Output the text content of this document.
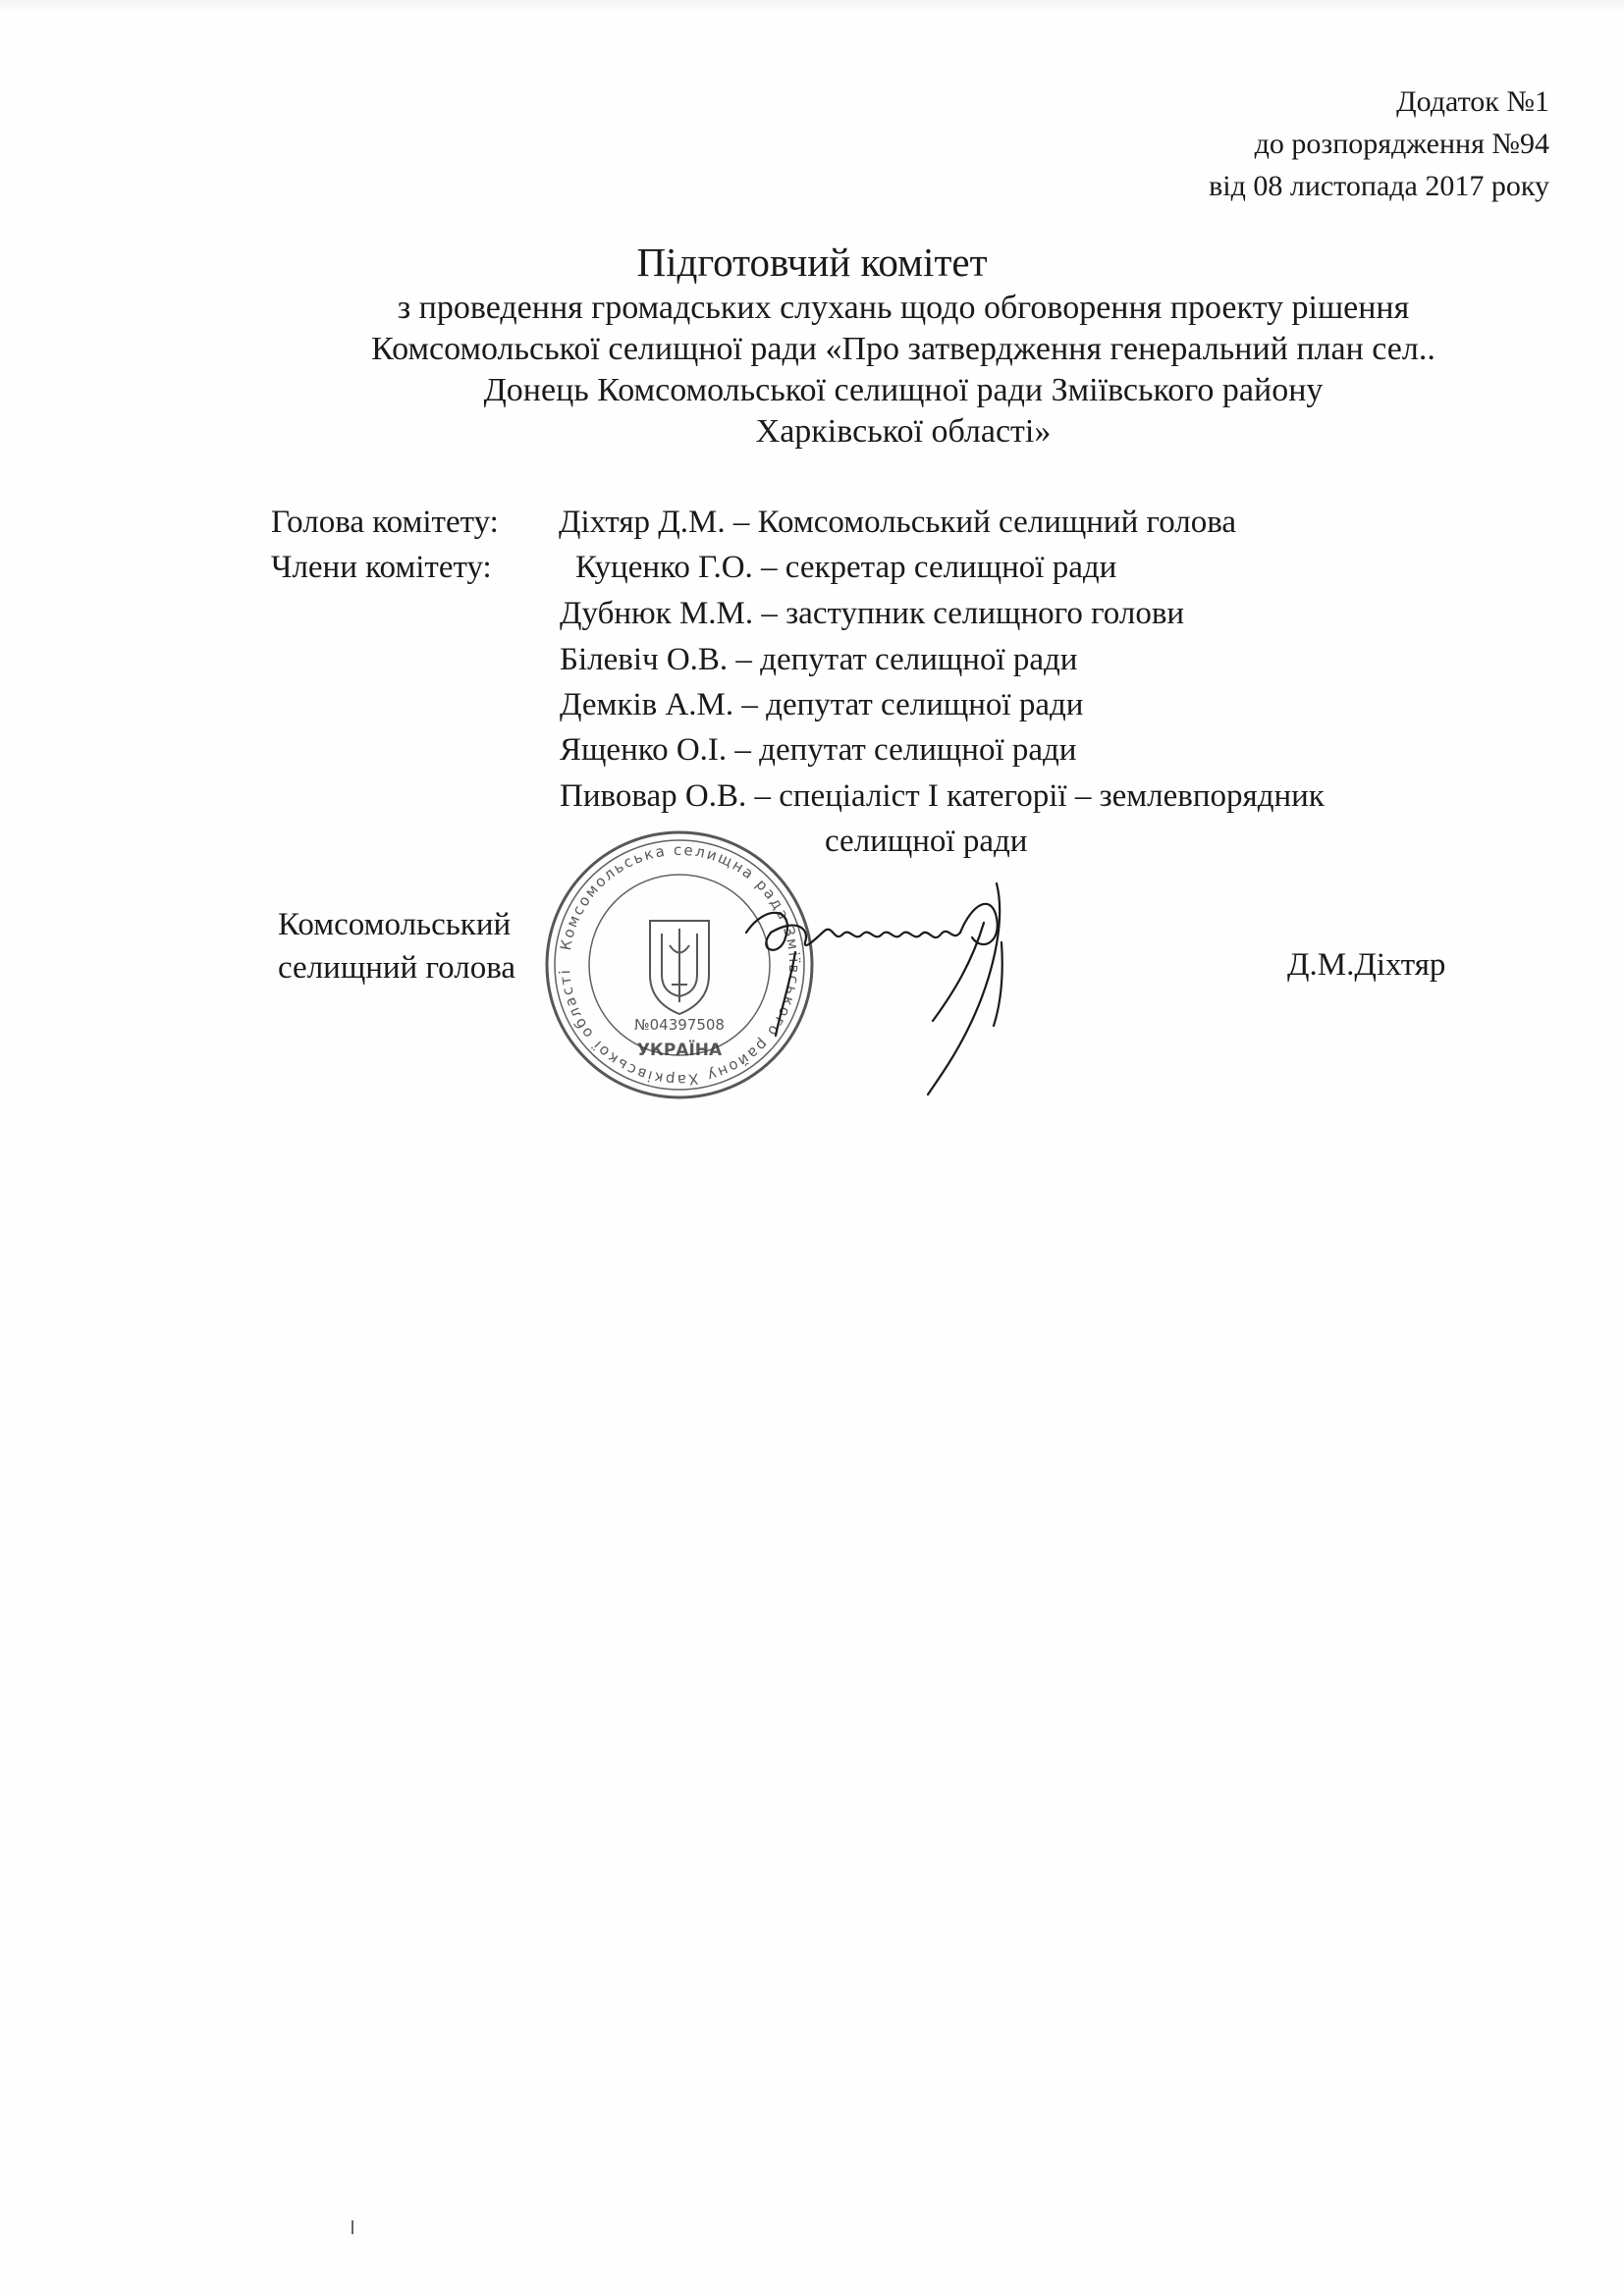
Додаток №1
до розпорядження №94
від 08 листопада 2017 року
Підготовчий комітет
з проведення громадських слухань щодо обговорення проекту рішення
Комсомольської селищної ради «Про затвердження генеральний план сел..
Донець Комсомольської селищної ради Зміївського району
Харківської області»
Голова комітету: Діхтяр Д.М. – Комсомольський селищний голова
Члени комітету:	Куценко Г.О. – секретар селищної ради
Дубнюк М.М. – заступник селищного голови
Білевіч О.В. – депутат селищної ради
Демків А.М. – депутат селищної ради
Ященко О.І. – депутат селищної ради
Пивовар О.В. – спеціаліст І категорії – землевпорядник
селищної ради
Комсомольська селищна рада Зміївського району Харківської області
№04397508
УКРАЇНА
Комсомольський
селищний голова	Д.М.Діхтяр
